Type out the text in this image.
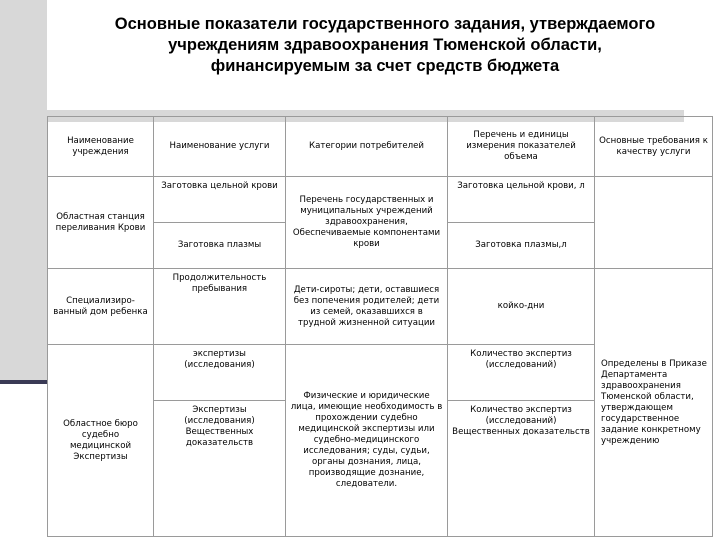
Основные показатели государственного задания, утверждаемого
учреждениям здравоохранения Тюменской области,
финансируемым за счет средств бюджета
Наименование учреждения	Наименование услуги	Категории потребителей	Перечень и единицы измерения показателей объема	Основные требования к качеству услуги
Областная станция переливания Крови	Заготовка цельной крови	Перечень государственных и муниципальных учреждений здравоохранения, Обеспечиваемые компонентами крови	Заготовка цельной крови, л	
	Заготовка плазмы		Заготовка плазмы,л	
Специализиро-ванный дом ребенка	Продолжительность пребывания	Дети-сироты; дети, оставшиеся без попечения родителей; дети из семей, оказавшихся в трудной жизненной ситуации	койко-дни	Определены в Приказе Департамента здравоохранения Тюменской области, утверждающем государственное задание конкретному учреждению
Областное бюро судебно медицинской Экспертизы	экспертизы (исследования)	Физические и юридические лица, имеющие необходимость в прохождении судебно медицинской экспертизы или судебно-медицинского исследования; суды, судьи, органы дознания, лица, производящие дознание, следователи.	Количество экспертиз (исследований)	
	Экспертизы (исследования) Вещественных доказательств		Количество экспертиз (исследований) Вещественных доказательств	
